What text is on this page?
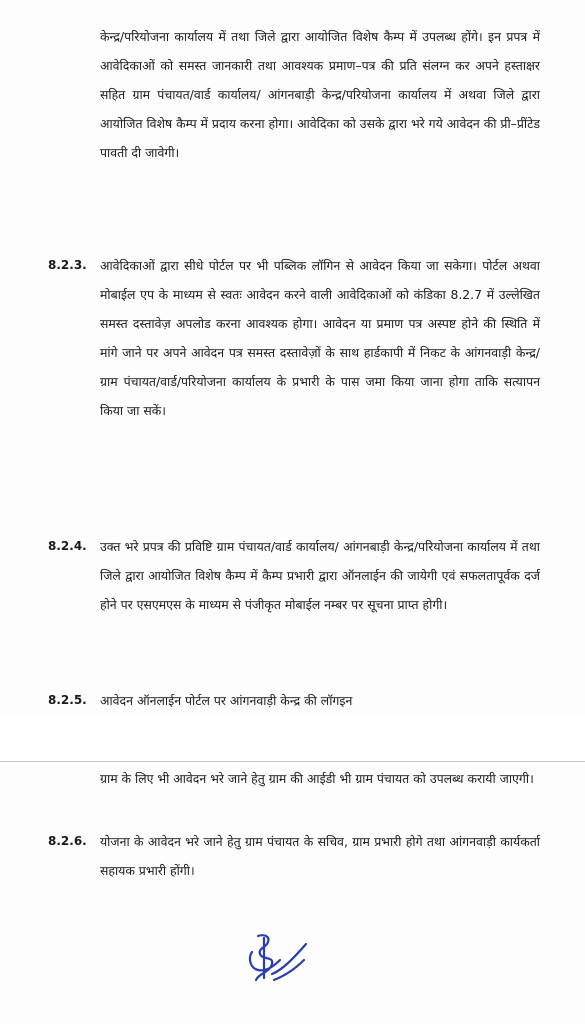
केन्द्र/परियोजना कार्यालय में तथा जिले द्वारा आयोजित विशेष कैम्प में उपलब्ध होंगे। इन प्रपत्र में आवेदिकाओं को समस्त जानकारी तथा आवश्यक प्रमाण–पत्र की प्रति संलग्न कर अपने हस्ताक्षर सहित ग्राम पंचायत/वार्ड कार्यालय/ आंगनबाड़ी केन्द्र/परियोजना कार्यालय में अथवा जिले द्वारा आयोजित विशेष कैम्प में प्रदाय करना होगा। आवेदिका को उसके द्वारा भरे गये आवेदन की प्री–प्रींटेड पावती दी जावेगी।

8.2.3.	आवेदिकाओं द्वारा सीधे पोर्टल पर भी पब्लिक लॉगिन से आवेदन किया जा सकेगा। पोर्टल अथवा मोबाईल एप के माध्यम से स्वतः आवेदन करने वाली आवेदिकाओं को कंडिका 8.2.7 में उल्लेखित समस्त दस्तावेज़ अपलोड करना आवश्यक होगा। आवेदन या प्रमाण पत्र अस्पष्ट होने की स्थिति में मांगे जाने पर अपने आवेदन पत्र समस्त दस्तावेज़ों के साथ हार्डकापी में निकट के आंगनवाड़ी केन्द्र/ग्राम पंचायत/वार्ड/परियोजना कार्यालय के प्रभारी के पास जमा किया जाना होगा ताकि सत्यापन किया जा सकें।

8.2.4.	उक्त भरे प्रपत्र की प्रविष्टि ग्राम पंचायत/वार्ड कार्यालय/ आंगनबाड़ी केन्द्र/परियोजना कार्यालय में तथा जिले द्वारा आयोजित विशेष कैम्प में कैम्प प्रभारी द्वारा ऑनलाईन की जायेगी एवं सफलतापूर्वक दर्ज होने पर एसएमएस के माध्यम से पंजीकृत मोबाईल नम्बर पर सूचना प्राप्त होगी।

8.2.5.	आवेदन ऑनलाईन पोर्टल पर आंगनवाड़ी केन्द्र की लॉगइन

ग्राम के लिए भी आवेदन भरे जाने हेतु ग्राम की आईडी भी ग्राम पंचायत को उपलब्ध करायी जाएगी।

8.2.6.	योजना के आवेदन भरे जाने हेतु ग्राम पंचायत के सचिव, ग्राम प्रभारी होगे तथा आंगनवाड़ी कार्यकर्ता सहायक प्रभारी होंगी।
